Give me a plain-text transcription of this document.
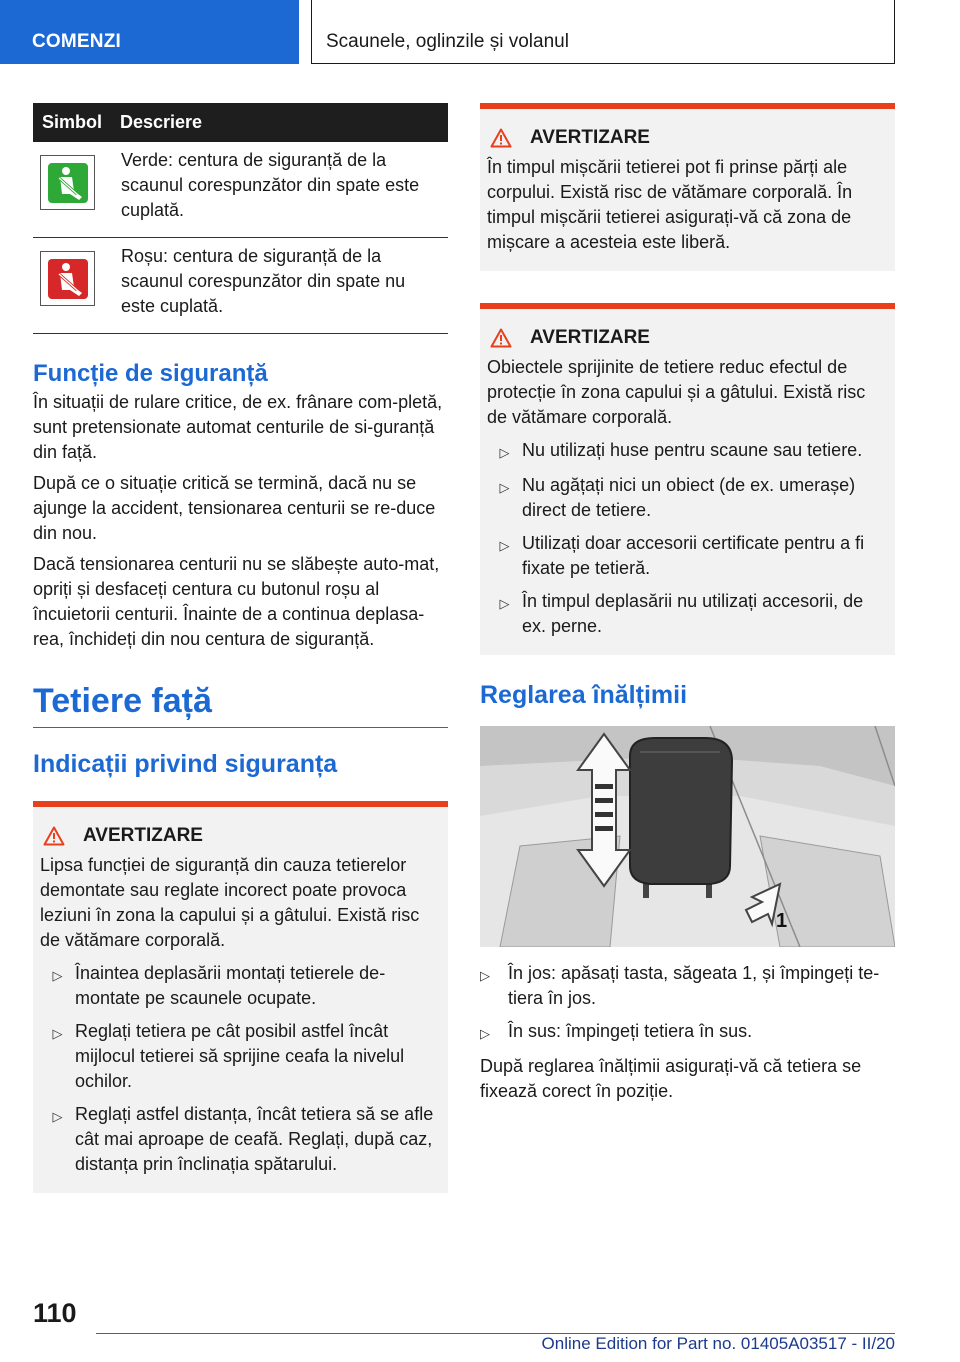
COMENZI	Scaunele, oglinzile și volanul
Simbol	Descriere

	Verde: centura de siguranță de la scaunul corespunzător din spate este cuplată.

	Roșu: centura de siguranță de la scaunul corespunzător din spate nu este cuplată.
Funcție de siguranță

În situații de rulare critice, de ex. frânare com-pletă, sunt pretensionate automat centurile de si-guranță din față.

După ce o situație critică se termină, dacă nu se ajunge la accident, tensionarea centurii se re-duce din nou.

Dacă tensionarea centurii nu se slăbește auto-mat, opriți și desfaceți centura cu butonul roșu al încuietorii centurii. Înainte de a continua deplasa-rea, închideți din nou centura de siguranță.

Tetiere față
Indicații privind siguranța
AVERTIZARE
Lipsa funcției de siguranță din cauza tetierelor demontate sau reglate incorect poate provoca leziuni în zona la capului și a gâtului. Există risc de vătămare corporală.
▷ Înaintea deplasării montați tetierele de-montate pe scaunele ocupate.
▷ Reglați tetiera pe cât posibil astfel încât mijlocul tetierei să sprijine ceafa la nivelul ochilor.
▷ Reglați astfel distanța, încât tetiera să se afle cât mai aproape de ceafă. Reglați, după caz, distanța prin înclinația spătarului.
AVERTIZARE
În timpul mișcării tetierei pot fi prinse părți ale corpului. Există risc de vătămare corporală. În timpul mișcării tetierei asigurați-vă că zona de mișcare a acesteia este liberă.
AVERTIZARE
Obiectele sprijinite de tetiere reduc efectul de protecție în zona capului și a gâtului. Există risc de vătămare corporală.
▷ Nu utilizați huse pentru scaune sau tetiere.
▷ Nu agățați nici un obiect (de ex. umerașe) direct de tetiere.
▷ Utilizați doar accesorii certificate pentru a fi fixate pe tetieră.
▷ În timpul deplasării nu utilizați accesorii, de ex. perne.
Reglarea înălțimii
1
▷	În jos: apăsați tasta, săgeata 1, și împingeți te-tiera în jos.
▷	În sus: împingeți tetiera în sus.

După reglarea înălțimii asigurați-vă că tetiera se fixează corect în poziție.

110
Online Edition for Part no. 01405A03517 - II/20
